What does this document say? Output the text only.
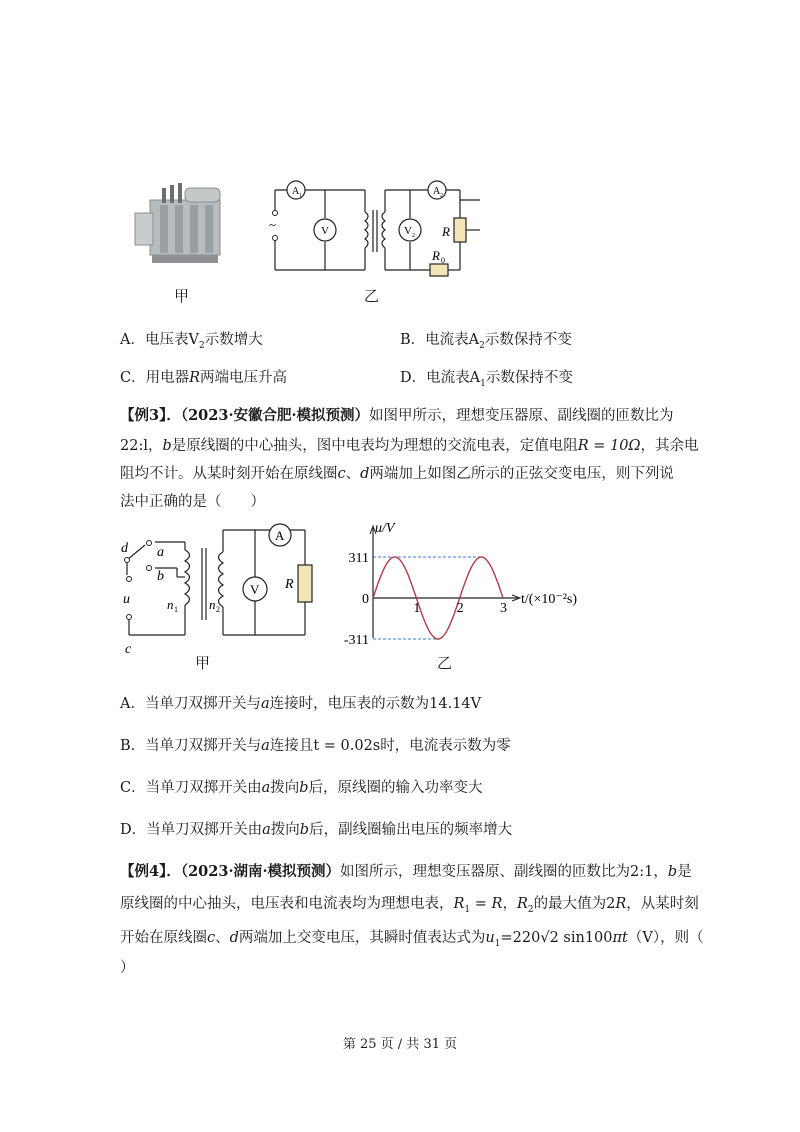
~
A 1
V
A 2
V 2 R
R 0
甲	乙
A．电压表$V_2$示数增大	B．电流表$A_2$示数保持不变
C．用电器R两端电压升高	D．电流表$A_1$示数保持不变
【例3】．（2023·安徽合肥·模拟预测）如图甲所示，理想变压器原、副线圈的匝数比为
22:l，b是原线圈的中心抽头，图中电表均为理想的交流电表，定值电阻R = 10Ω，其余电
阻均不计。从某时刻开始在原线圈c、d两端加上如图乙所示的正弦交变电压，则下列说
法中正确的是（　　）
d a
b
u
c
n 1 n 2
A
V R
甲
1	2	3
311
0
-311
u/V
t/(×10⁻²s)
乙
A．当单刀双掷开关与a连接时，电压表的示数为14.14V
B．当单刀双掷开关与a连接且t = 0.02s时，电流表示数为零
C．当单刀双掷开关由a拨向b后，原线圈的输入功率变大
D．当单刀双掷开关由a拨向b后，副线圈输出电压的频率增大
【例4】．（2023·湖南·模拟预测）如图所示，理想变压器原、副线圈的匝数比为2:1，b是
原线圈的中心抽头，电压表和电流表均为理想电表，$R_1 = R$，$R_2$的最大值为2R，从某时刻
开始在原线圈c、d两端加上交变电压，其瞬时值表达式为$u_1=220√2$ sin100πt（V），则（
）
第 25 页 / 共 31 页
